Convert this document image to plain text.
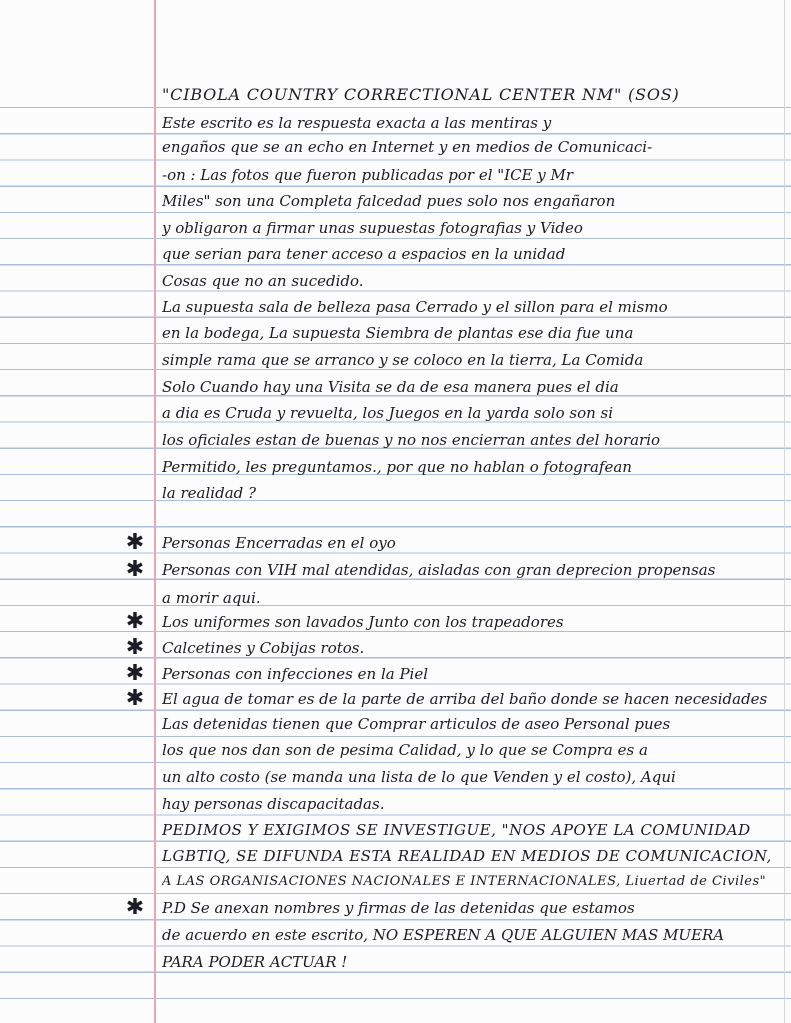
"CIBOLA COUNTRY CORRECTIONAL CENTER NM" (SOS)
Este escrito es la respuesta exacta a las mentiras y
engaños que se an echo en Internet y en medios de Comunicaci-
-on : Las fotos que fueron publicadas por el "ICE y Mr
Miles" son una Completa falcedad pues solo nos engañaron
y obligaron a firmar unas supuestas fotografias y Video
que serian para tener acceso a espacios en la unidad
Cosas que no an sucedido.
La supuesta sala de belleza pasa Cerrado y el sillon para el mismo
en la bodega, La supuesta Siembra de plantas ese dia fue una
simple rama que se arranco y se coloco en la tierra, La Comida
Solo Cuando hay una Visita se da de esa manera pues el dia
a dia es Cruda y revuelta, los Juegos en la yarda solo son si
los oficiales estan de buenas y no nos encierran antes del horario
Permitido, les preguntamos., por que no hablan o fotografean
la realidad ?
Personas Encerradas en el oyo
✱
Personas con VIH mal atendidas, aisladas con gran deprecion propensas
✱
a morir aqui.
Los uniformes son lavados Junto con los trapeadores
✱
Calcetines y Cobijas rotos.
✱
Personas con infecciones en la Piel
✱
El agua de tomar es de la parte de arriba del baño donde se hacen necesidades
✱
Las detenidas tienen que Comprar articulos de aseo Personal pues
los que nos dan son de pesima Calidad, y lo que se Compra es a
un alto costo (se manda una lista de lo que Venden y el costo), Aqui
hay personas discapacitadas.
PEDIMOS Y EXIGIMOS SE INVESTIGUE, "NOS APOYE LA COMUNIDAD
LGBTIQ, SE DIFUNDA ESTA REALIDAD EN MEDIOS DE COMUNICACION,
A LAS ORGANISACIONES NACIONALES E INTERNACIONALES, Liuertad de Civiles"
P.D Se anexan nombres y firmas de las detenidas que estamos
✱
de acuerdo en este escrito, NO ESPEREN A QUE ALGUIEN MAS MUERA
PARA PODER ACTUAR !
